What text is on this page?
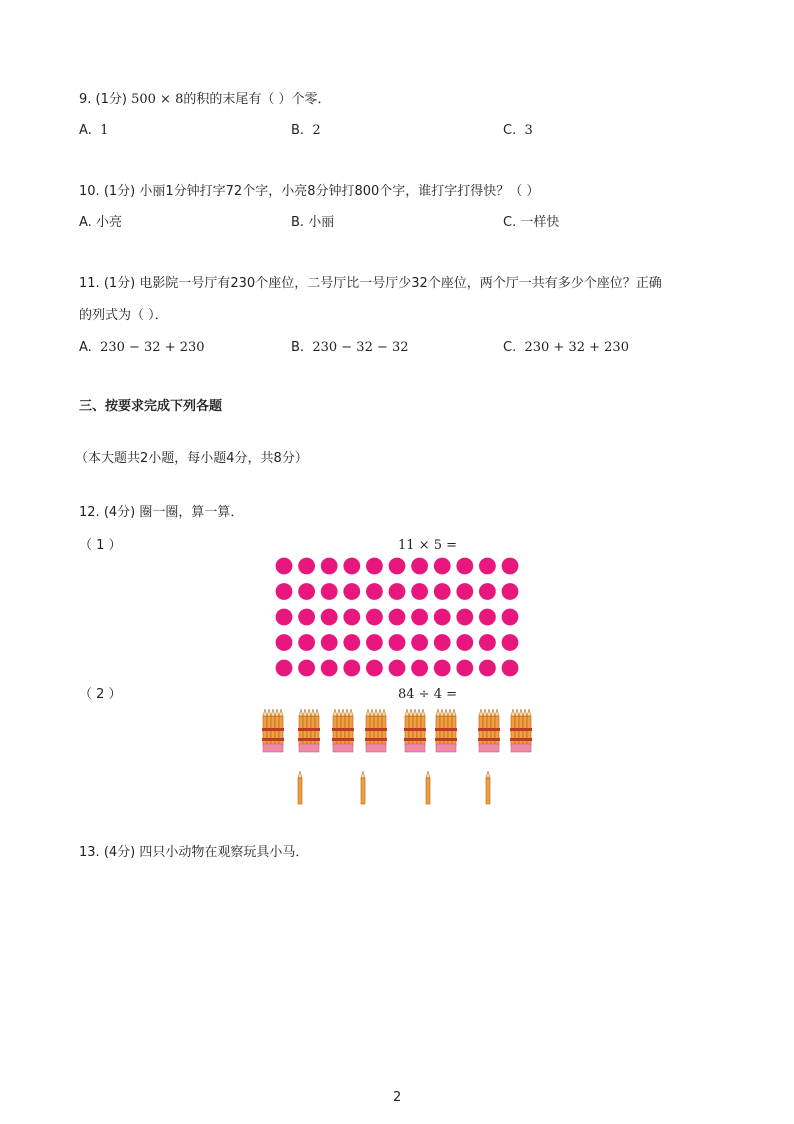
9. (1分) 500 × 8的积的末尾有（ ）个零．
A. 1	B. 2	C. 3
10. (1分) 小丽1分钟打字72个字，小亮8分钟打800个字，谁打字打得快？（ ）
A. 小亮	B. 小丽	C. 一样快
11. (1分) 电影院一号厅有230个座位，二号厅比一号厅少32个座位，两个厅一共有多少个座位？正确
的列式为（ ）．
A. 230 − 32 + 230	B. 230 − 32 − 32	C. 230 + 32 + 230
三、按要求完成下列各题
（本大题共2小题，每小题4分，共8分）
12. (4分) 圈一圈，算一算．
（ 1 ）	11 × 5 =
（ 2 ）	84 ÷ 4 =
13. (4分) 四只小动物在观察玩具小马．
2
